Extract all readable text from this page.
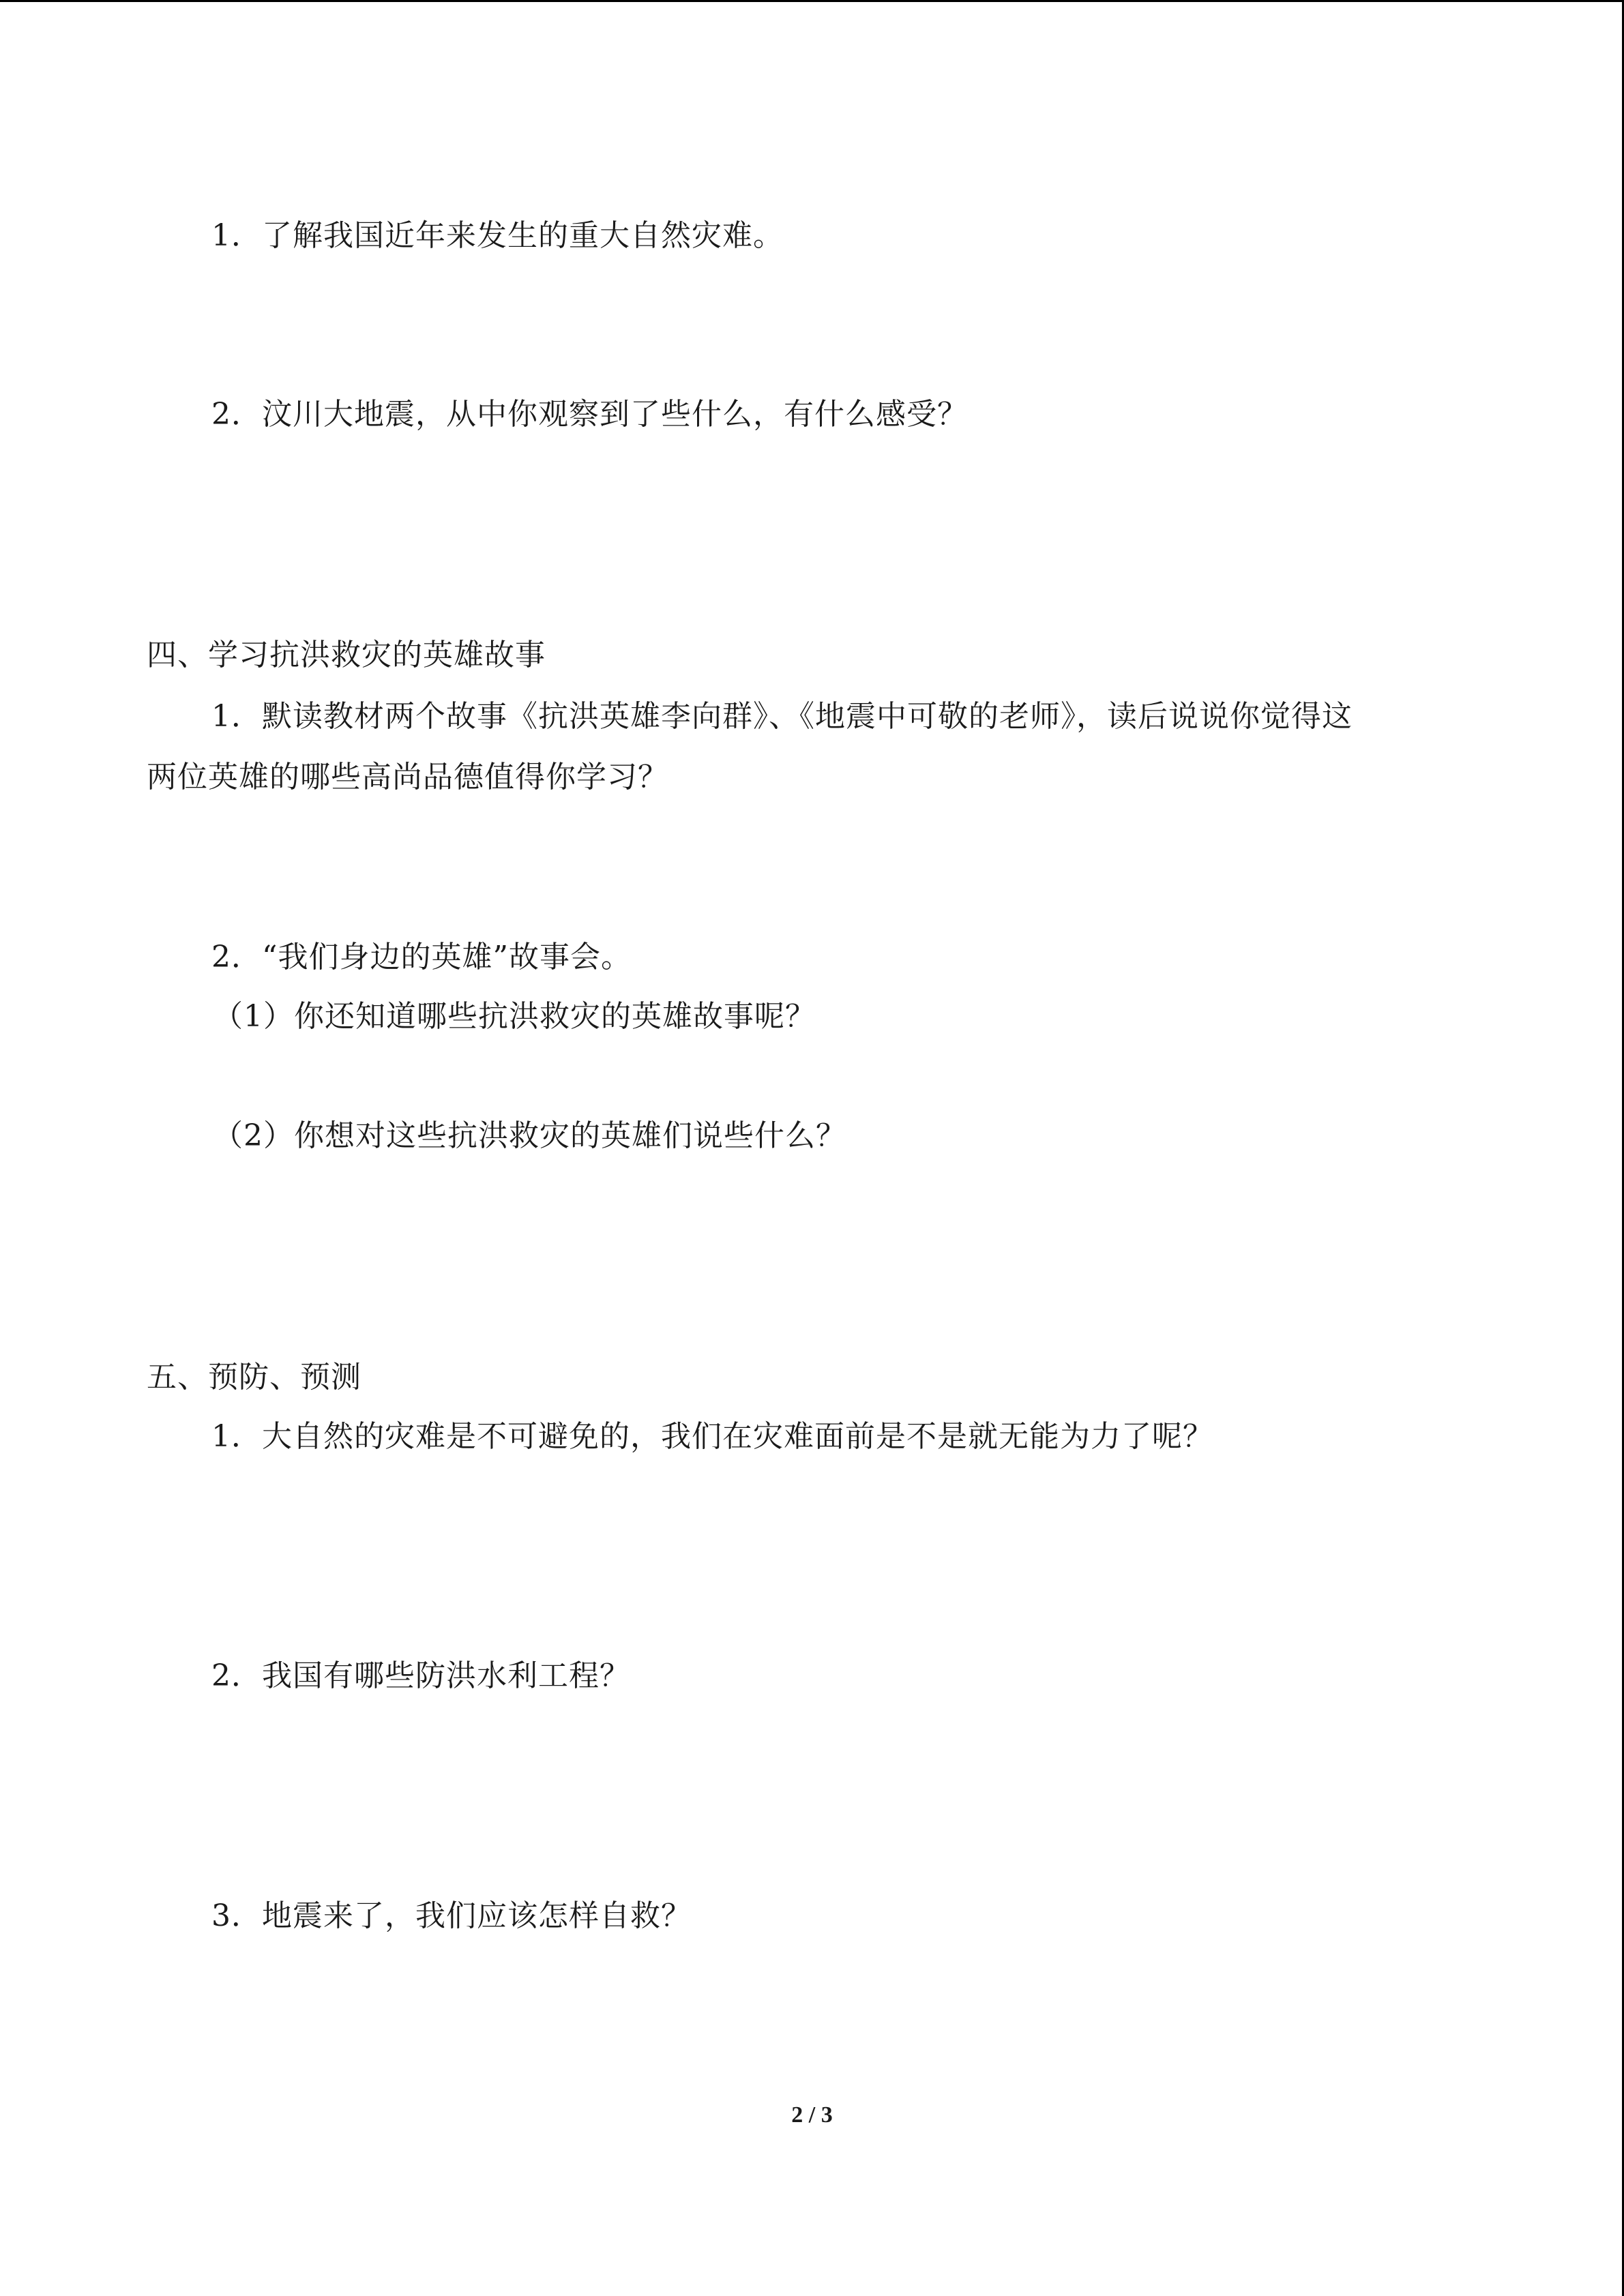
1．了解我国近年来发生的重大自然灾难。
2．汶川大地震，从中你观察到了些什么，有什么感受？
四、学习抗洪救灾的英雄故事
1．默读教材两个故事《抗洪英雄李向群》、《地震中可敬的老师》，读后说说你觉得这
两位英雄的哪些高尚品德值得你学习？
2．“我们身边的英雄”故事会。
（1）你还知道哪些抗洪救灾的英雄故事呢？
（2）你想对这些抗洪救灾的英雄们说些什么？
五、预防、预测
1．大自然的灾难是不可避免的，我们在灾难面前是不是就无能为力了呢？
2．我国有哪些防洪水利工程？
3．地震来了，我们应该怎样自救？
2 / 3
